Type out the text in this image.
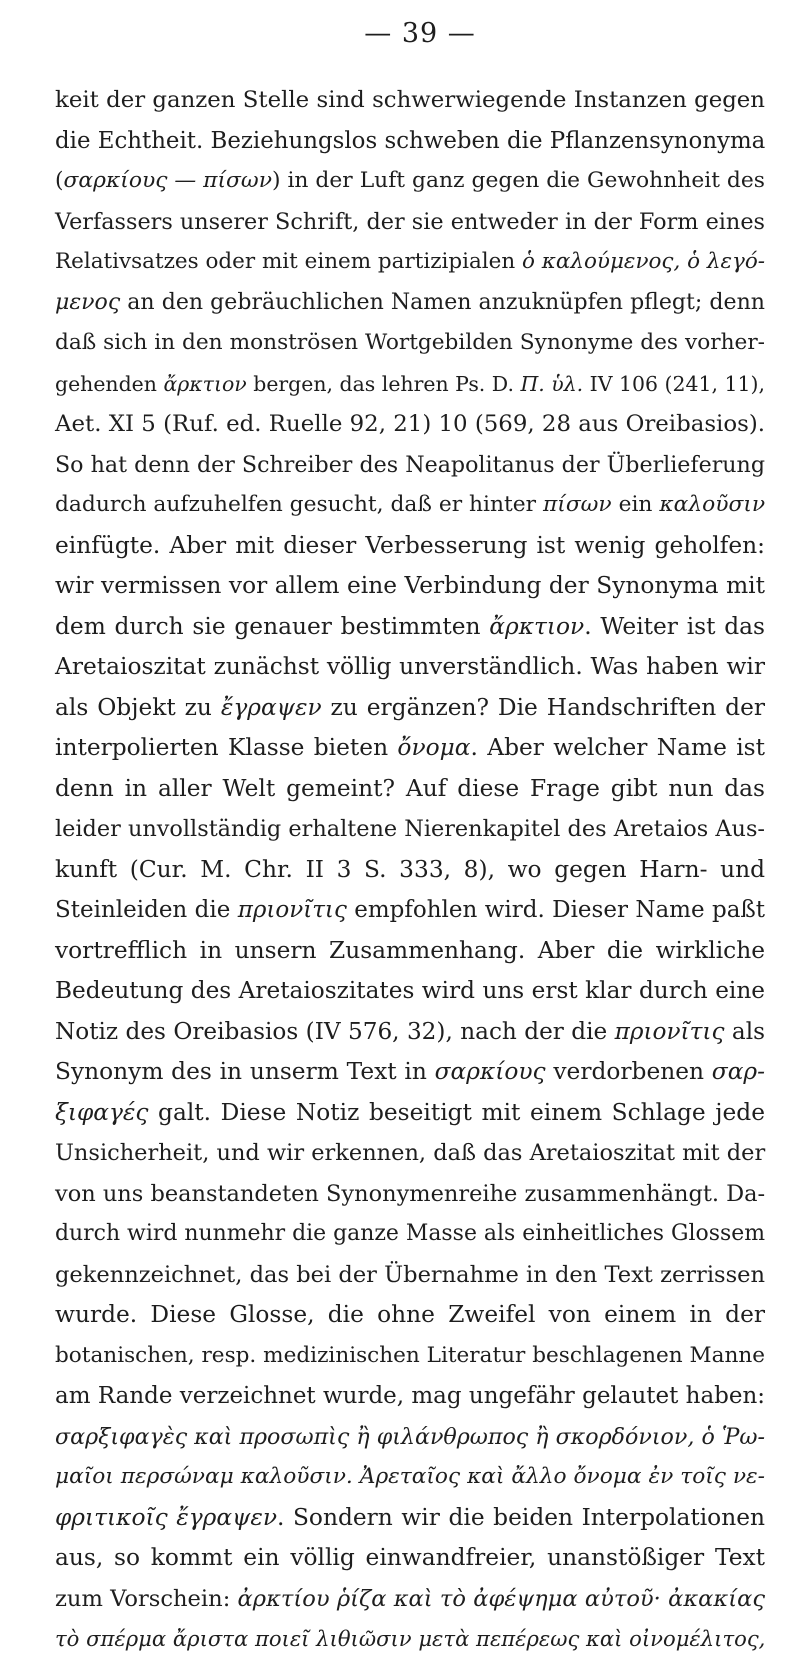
— 39 —
keit der ganzen Stelle sind schwerwiegende Instanzen gegen
die Echtheit. Beziehungslos schweben die Pflanzensynonyma
(σαρκίους — πίσων) in der Luft ganz gegen die Gewohnheit des
Verfassers unserer Schrift, der sie entweder in der Form eines
Relativsatzes oder mit einem partizipialen ὁ καλούμενος, ὁ λεγό-
μενος an den gebräuchlichen Namen anzuknüpfen pflegt; denn
daß sich in den monströsen Wortgebilden Synonyme des vorher-
gehenden ἄρκτιον bergen, das lehren Ps. D. Π. ὑλ. IV 106 (241, 11),
Aet. XI 5 (Ruf. ed. Ruelle 92, 21) 10 (569, 28 aus Oreibasios).
So hat denn der Schreiber des Neapolitanus der Überlieferung
dadurch aufzuhelfen gesucht, daß er hinter πίσων ein καλοῦσιν
einfügte. Aber mit dieser Verbesserung ist wenig geholfen:
wir vermissen vor allem eine Verbindung der Synonyma mit
dem durch sie genauer bestimmten ἄρκτιον. Weiter ist das
Aretaioszitat zunächst völlig unverständlich. Was haben wir
als Objekt zu ἔγραψεν zu ergänzen? Die Handschriften der
interpolierten Klasse bieten ὄνομα. Aber welcher Name ist
denn in aller Welt gemeint? Auf diese Frage gibt nun das
leider unvollständig erhaltene Nierenkapitel des Aretaios Aus-
kunft (Cur. M. Chr. II 3 S. 333, 8), wo gegen Harn- und
Steinleiden die πριονῖτις empfohlen wird. Dieser Name paßt
vortrefflich in unsern Zusammenhang. Aber die wirkliche
Bedeutung des Aretaioszitates wird uns erst klar durch eine
Notiz des Oreibasios (IV 576, 32), nach der die πριονῖτις als
Synonym des in unserm Text in σαρκίους verdorbenen σαρ-
ξιφαγές galt. Diese Notiz beseitigt mit einem Schlage jede
Unsicherheit, und wir erkennen, daß das Aretaioszitat mit der
von uns beanstandeten Synonymenreihe zusammenhängt. Da-
durch wird nunmehr die ganze Masse als einheitliches Glossem
gekennzeichnet, das bei der Übernahme in den Text zerrissen
wurde. Diese Glosse, die ohne Zweifel von einem in der
botanischen, resp. medizinischen Literatur beschlagenen Manne
am Rande verzeichnet wurde, mag ungefähr gelautet haben:
σαρξιφαγὲς καὶ προσωπὶς ἢ φιλάνθρωπος ἢ σκορδόνιον, ὁ Ῥω-
μαῖοι περσώναμ καλοῦσιν. Ἀρεταῖος καὶ ἄλλο ὄνομα ἐν τοῖς νε-
φριτικοῖς ἔγραψεν. Sondern wir die beiden Interpolationen
aus, so kommt ein völlig einwandfreier, unanstößiger Text
zum Vorschein: ἀρκτίου ῥίζα καὶ τὸ ἀφέψημα αὐτοῦ· ἀκακίας
τὸ σπέρμα ἄριστα ποιεῖ λιθιῶσιν μετὰ πεπέρεως καὶ οἰνομέλιτος,
